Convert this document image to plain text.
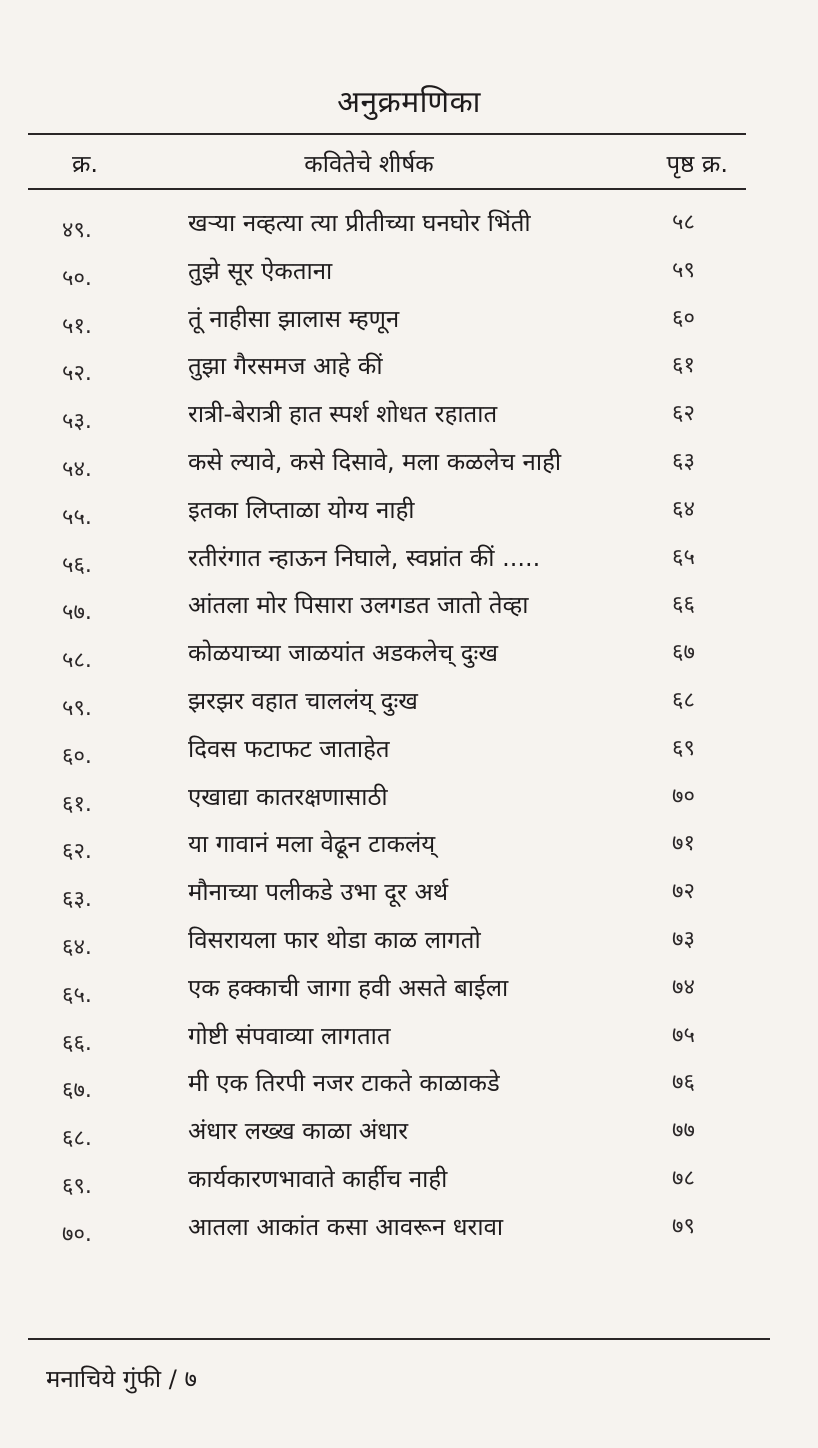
अनुक्रमणिका
क्र.	कवितेचे शीर्षक	पृष्ठ क्र.
४९.	खऱ्या नव्हत्या त्या प्रीतीच्या घनघोर भिंती	५८
५०.	तुझे सूर ऐकताना	५९
५१.	तूं नाहीसा झालास म्हणून	६०
५२.	तुझा गैरसमज आहे कीं	६१
५३.	रात्री-बेरात्री हात स्पर्श शोधत रहातात	६२
५४.	कसे ल्यावे, कसे दिसावे, मला कळलेच नाही	६३
५५.	इतका लिप्ताळा योग्य नाही	६४
५६.	रतीरंगात न्हाऊन निघाले, स्वप्नांत कीं .....	६५
५७.	आंतला मोर पिसारा उलगडत जातो तेव्हा	६६
५८.	कोळयाच्या जाळयांत अडकलेच् दुःख	६७
५९.	झरझर वहात चाललंय् दुःख	६८
६०.	दिवस फटाफट जाताहेत	६९
६१.	एखाद्या कातरक्षणासाठी	७०
६२.	या गावानं मला वेढून टाकलंय्	७१
६३.	मौनाच्या पलीकडे उभा दूर अर्थ	७२
६४.	विसरायला फार थोडा काळ लागतो	७३
६५.	एक हक्काची जागा हवी असते बाईला	७४
६६.	गोष्टी संपवाव्या लागतात	७५
६७.	मी एक तिरपी नजर टाकते काळाकडे	७६
६८.	अंधार लख्ख काळा अंधार	७७
६९.	कार्यकारणभावाते कार्हीच नाही	७८
७०.	आतला आकांत कसा आवरून धरावा	७९
मनाचिये गुंफी / ७
